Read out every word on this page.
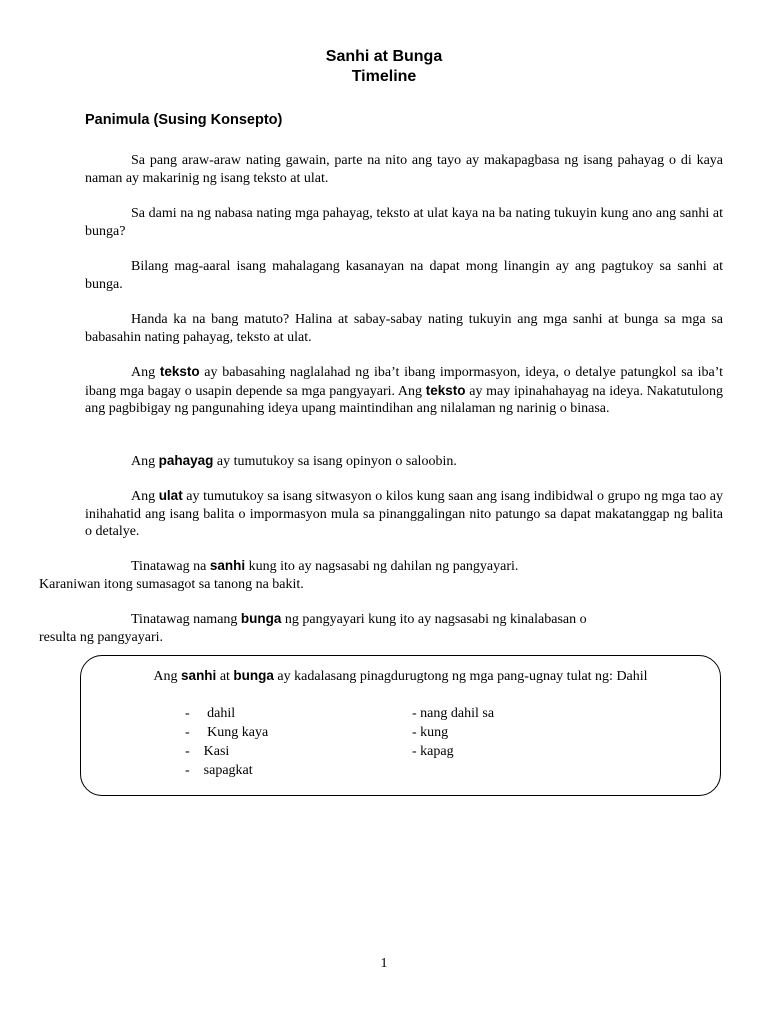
Sanhi at Bunga
Timeline
Panimula (Susing Konsepto)
Sa pang araw-araw nating gawain, parte na nito ang tayo ay makapagbasa ng isang pahayag o di kaya naman ay makarinig ng isang teksto at ulat.
Sa dami na ng nabasa nating mga pahayag, teksto at ulat kaya na ba nating tukuyin kung ano ang sanhi at bunga?
Bilang mag-aaral isang mahalagang kasanayan na dapat mong linangin ay ang pagtukoy sa sanhi at bunga.
Handa ka na bang matuto? Halina at sabay-sabay nating tukuyin ang mga sanhi at bunga sa mga sa babasahin nating pahayag, teksto at ulat.
Ang teksto ay babasahing naglalahad ng iba’t ibang impormasyon, ideya, o detalye patungkol sa iba’t ibang mga bagay o usapin depende sa mga pangyayari. Ang teksto ay may ipinahahayag na ideya. Nakatutulong ang pagbibigay ng pangunahing ideya upang maintindihan ang nilalaman ng narinig o binasa.
Ang pahayag ay tumutukoy sa isang opinyon o saloobin.
Ang ulat ay tumutukoy sa isang sitwasyon o kilos kung saan ang isang indibidwal o grupo ng mga tao ay inihahatid ang isang balita o impormasyon mula sa pinanggalingan nito patungo sa dapat makatanggap ng balita o detalye.
Tinatawag na sanhi kung ito ay nagsasabi ng dahilan ng pangyayari.
Karaniwan itong sumasagot sa tanong na bakit.
Tinatawag namang bunga ng pangyayari kung ito ay nagsasabi ng kinalabasan o
resulta ng pangyayari.
Ang sanhi at bunga ay kadalasang pinagdurugtong ng mga pang-ugnay tulat ng: Dahil
-     dahil
-     Kung kaya
-    Kasi
-    sapagkat
- nang dahil sa
- kung
- kapag
1
